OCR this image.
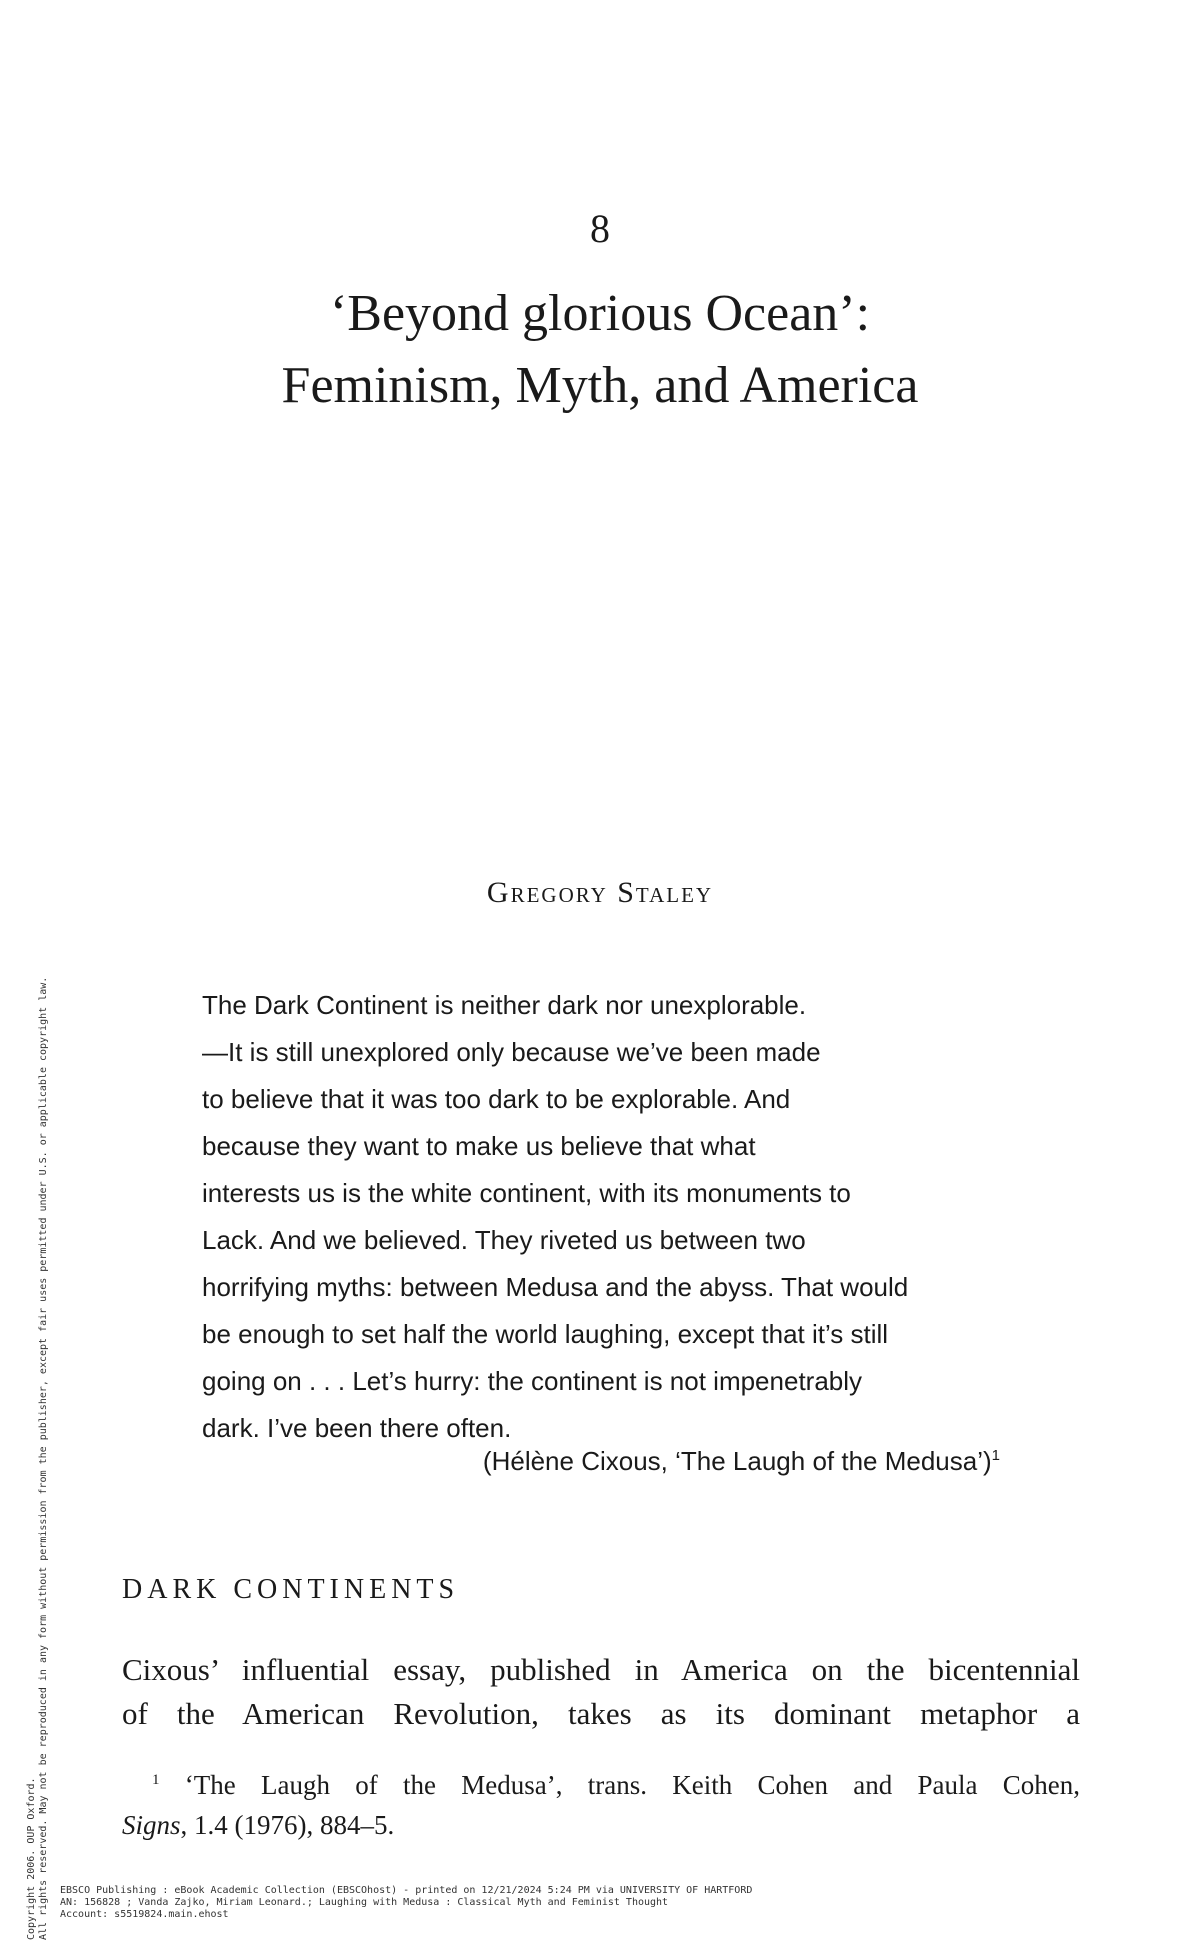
8
‘Beyond glorious Ocean’:
Feminism, Myth, and America
Gregory Staley
The Dark Continent is neither dark nor unexplorable.
—It is still unexplored only because we’ve been made
to believe that it was too dark to be explorable. And
because they want to make us believe that what
interests us is the white continent, with its monuments to
Lack. And we believed. They riveted us between two
horrifying myths: between Medusa and the abyss. That would
be enough to set half the world laughing, except that it’s still
going on . . . Let’s hurry: the continent is not impenetrably
dark. I’ve been there often.
(Hélène Cixous, ‘The Laugh of the Medusa’)$^1$
DARK CONTINENTS
Cixous’ influential essay, published in America on the bicentennial
of the American Revolution, takes as its dominant metaphor a
$^1$ ‘The Laugh of the Medusa’, trans. Keith Cohen and Paula Cohen,
Signs, 1.4 (1976), 884–5.
EBSCO Publishing : eBook Academic Collection (EBSCOhost) - printed on 12/21/2024 5:24 PM via UNIVERSITY OF HARTFORD
AN: 156828 ; Vanda Zajko, Miriam Leonard.; Laughing with Medusa : Classical Myth and Feminist Thought
Account: s5519824.main.ehost
Copyright 2006. OUP Oxford. All rights reserved. May not be reproduced in any form without permission from the publisher, except fair uses permitted under U.S. or applicable copyright law.
